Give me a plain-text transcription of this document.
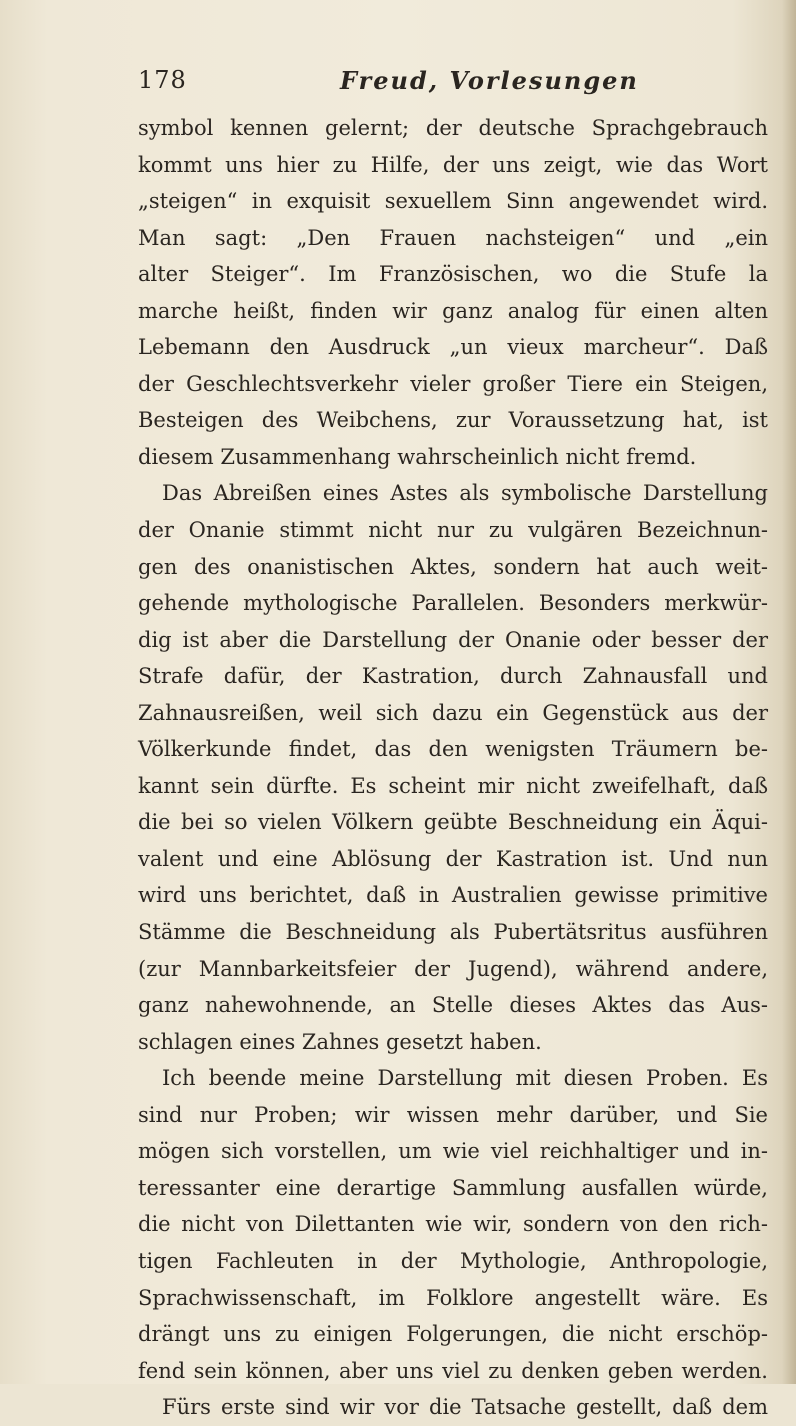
178	Freud, Vorlesungen
symbol kennen gelernt; der deutsche Sprachgebrauch
kommt uns hier zu Hilfe, der uns zeigt, wie das Wort
„steigen“ in exquisit sexuellem Sinn angewendet wird.
Man sagt: „Den Frauen nachsteigen“ und „ein
alter Steiger“. Im Französischen, wo die Stufe la
marche heißt, finden wir ganz analog für einen alten
Lebemann den Ausdruck „un vieux marcheur“. Daß
der Geschlechtsverkehr vieler großer Tiere ein Steigen,
Besteigen des Weibchens, zur Voraussetzung hat, ist
diesem Zusammenhang wahrscheinlich nicht fremd.
Das Abreißen eines Astes als symbolische Darstellung
der Onanie stimmt nicht nur zu vulgären Bezeichnun-
gen des onanistischen Aktes, sondern hat auch weit-
gehende mythologische Parallelen. Besonders merkwür-
dig ist aber die Darstellung der Onanie oder besser der
Strafe dafür, der Kastration, durch Zahnausfall und
Zahnausreißen, weil sich dazu ein Gegenstück aus der
Völkerkunde findet, das den wenigsten Träumern be-
kannt sein dürfte. Es scheint mir nicht zweifelhaft, daß
die bei so vielen Völkern geübte Beschneidung ein Äqui-
valent und eine Ablösung der Kastration ist. Und nun
wird uns berichtet, daß in Australien gewisse primitive
Stämme die Beschneidung als Pubertätsritus ausführen
(zur Mannbarkeitsfeier der Jugend), während andere,
ganz nahewohnende, an Stelle dieses Aktes das Aus-
schlagen eines Zahnes gesetzt haben.
Ich beende meine Darstellung mit diesen Proben. Es
sind nur Proben; wir wissen mehr darüber, und Sie
mögen sich vorstellen, um wie viel reichhaltiger und in-
teressanter eine derartige Sammlung ausfallen würde,
die nicht von Dilettanten wie wir, sondern von den rich-
tigen Fachleuten in der Mythologie, Anthropologie,
Sprachwissenschaft, im Folklore angestellt wäre. Es
drängt uns zu einigen Folgerungen, die nicht erschöp-
fend sein können, aber uns viel zu denken geben werden.
Fürs erste sind wir vor die Tatsache gestellt, daß dem
